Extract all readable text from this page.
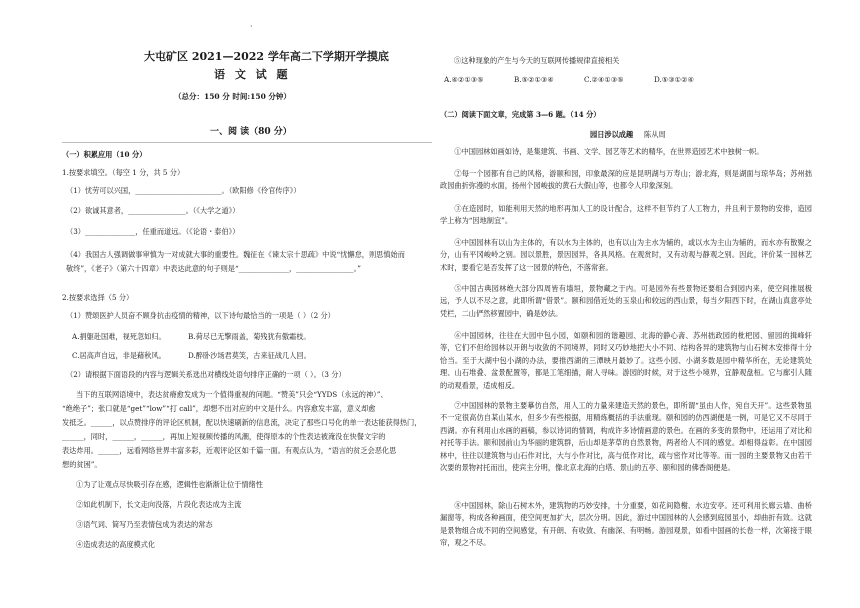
·
大屯矿区 2021—2022 学年高二下学期开学摸底
语 文 试 题
（总分：150 分 时间:150 分钟）
一、阅 读（80 分）
（一）积累应用（10 分）
1.按要求填空。（每空 1 分，共 5 分）
（1）忧劳可以兴国，________________________。（欧阳修《伶官传序》）
（2）欲诚其意者，________________。（《大学之道》）
（3）______________，任重而道远。（《论语・泰伯》）
（4）我国古人强调做事审慎为一对成就大事的重要性。魏征在《谏太宗十思疏》中说“忧懈怠，则思慎始而
敬终”，《老子》（第六十四章）中表达此意的句子则是“______________，________________。”
2.按要求选择（5 分）
（1）赞颂医护人员奋不顾身抗击疫情的精神，以下诗句最恰当的一项是（ ）（2 分）
A.捐躯赴国难，视死忽如归。	B.荷尽已无擎雨盖，菊残犹有傲霜枝。
C.居高声自远，非是藉秋风。	D.醉卧沙场君莫笑，古来征战几人回。
（2）请根据下面语段的内容与逻辑关系选出对横线处语句排序正确的一项（ ）。（3 分）
当下的互联网语境中，表达贫瘠愈发成为一个值得重视的问题。“赞美”只会“YYDS（永远的神）”、
“绝绝子”；张口就是“get”“low”“打 call”，却想不出对应的中文是什么。内容愈发丰富，意义却愈
发抵乏。______，以点赞排序的评论区机制，配以快速刷新的信息流，决定了那些口号化的单一表达能获得热门，
______，同时，______，______，再加上短视频传播的风潮，使得原本的个性表达被淹没在快餐文字的
表达炸用。______，远看网络世界丰富多彩，近观评论区如千篇一面。有观点认为，“语言的贫乏会恶化思
想的贫困”。
①为了让观点尽快吸引存在感，逻辑性也渐渐让位于情绪性
②如此机制下，长文走向没落，片段化表达成为主流
③语气词、简写乃至表情包成为表达的常态
④造成表达的高度模式化
⑤这种现象的产生与今天的互联网传播规律直接相关
A.④②①③⑤	B.⑤②①③④	C.②④①③⑤	D.⑤③①②④
（二）阅读下面文章，完成第 3—6 题。（14 分）
园日涉以成趣 陈从周
①中国园林如画如诗，是集建筑、书画、文学、园艺等艺术的精华，在世界造园艺术中独树一帜。
②每一个园都有自己的风格，游颐和园，印象最深的应是昆明湖与万寿山；游北海，则是湖面与琼华岛；苏州拙政园曲折弥漫的水面，扬州个园峻拔的黄石大假山等，也都令人印象深刻。
③在造园时，如能利用天然的地形再加人工的设计配合，这样不但节约了人工物力，并且利于景物的安排，造园学上称为“因地制宜”。
④中国园林有以山为主体的，有以水为主体的，也有以山为主水为辅的，或以水为主山为辅的，而水亦有散聚之分，山有平冈峻岭之别。园以景胜，景因园异，各具风格。在观赏时，又有动观与静观之别。因此，评价某一园林艺术时，要看它是否发挥了这一园景的特色，不落常套。
⑤中国古典园林绝大部分四周皆有墙垣，景物藏之于内。可是园外有些景物还要组合到园内来，使空间推展极远，予人以不尽之意，此即所谓“借景”。颐和园借近处的玉泉山和较远的西山景，每当夕阳西下时，在湖山真意亭处凭栏，二山俨然移置园中，确是妙法。
⑥中国园林，往往在大园中包小园，如颐和园的谐趣园、北海的静心斋、苏州拙政园的枇杷园、留园的揖峰轩等，它们不但给园林以开朗与收敛的不同境界，同时又巧妙地把大小不同、结构各异的建筑物与山石树木安排得十分恰当。至于大湖中包小湖的办法，要推西湖的三潭映月最妙了。这些小园、小湖多数是园中精华所在，无论建筑处理、山石堆叠、盆景配置等，都是工笔细描，耐人寻味。游园的时候，对于这些小境界，宜静观盘桓。它与廊引人随的动观看景，适成相反。
⑦中国园林的景物主要摹仿自然，用人工的力量来建造天然的景色，即所谓“虽由人作，宛自天开”。这些景物虽不一定很高仿自某山某水，但多少有些根据，用精炼概括的手法重现。颐和园的仿西湖便是一例，可是它又不尽同于西湖。亦有利用山水画的画稿，参以诗词的情调，构成许多诗情画意的景色。在画的多变的景物中，还运用了对比和衬托等手法。颐和园前山为华丽的建筑群，后山却是茅草的自然景物，两者给人不同的感觉。却相得益彰。在中国园林中，往往以建筑物与山石作对比，大与小作对比，高与低作对比，疏与密作对比等等。而一园的主要景物又由若干次要的景物衬托而出，使宾主分明，像北京北海的白塔、景山的五亭、颐和园的佛香阁便是。
⑧中国园林，除山石树木外，建筑物的巧妙安排，十分重要，如花间隐榭、水边安亭。还可利用长廊云墙、曲桥漏窗等，构成各种画面，使空间更加扩大，层次分明。因此，游过中国园林的人会感到庭园虽小，却曲折有致。这就是景物组合成不同的空间感觉，有开朗、有收敛、有幽深、有明畅。游园观景，如看中国画的长卷一样，次第接于眼帘，观之不尽。
